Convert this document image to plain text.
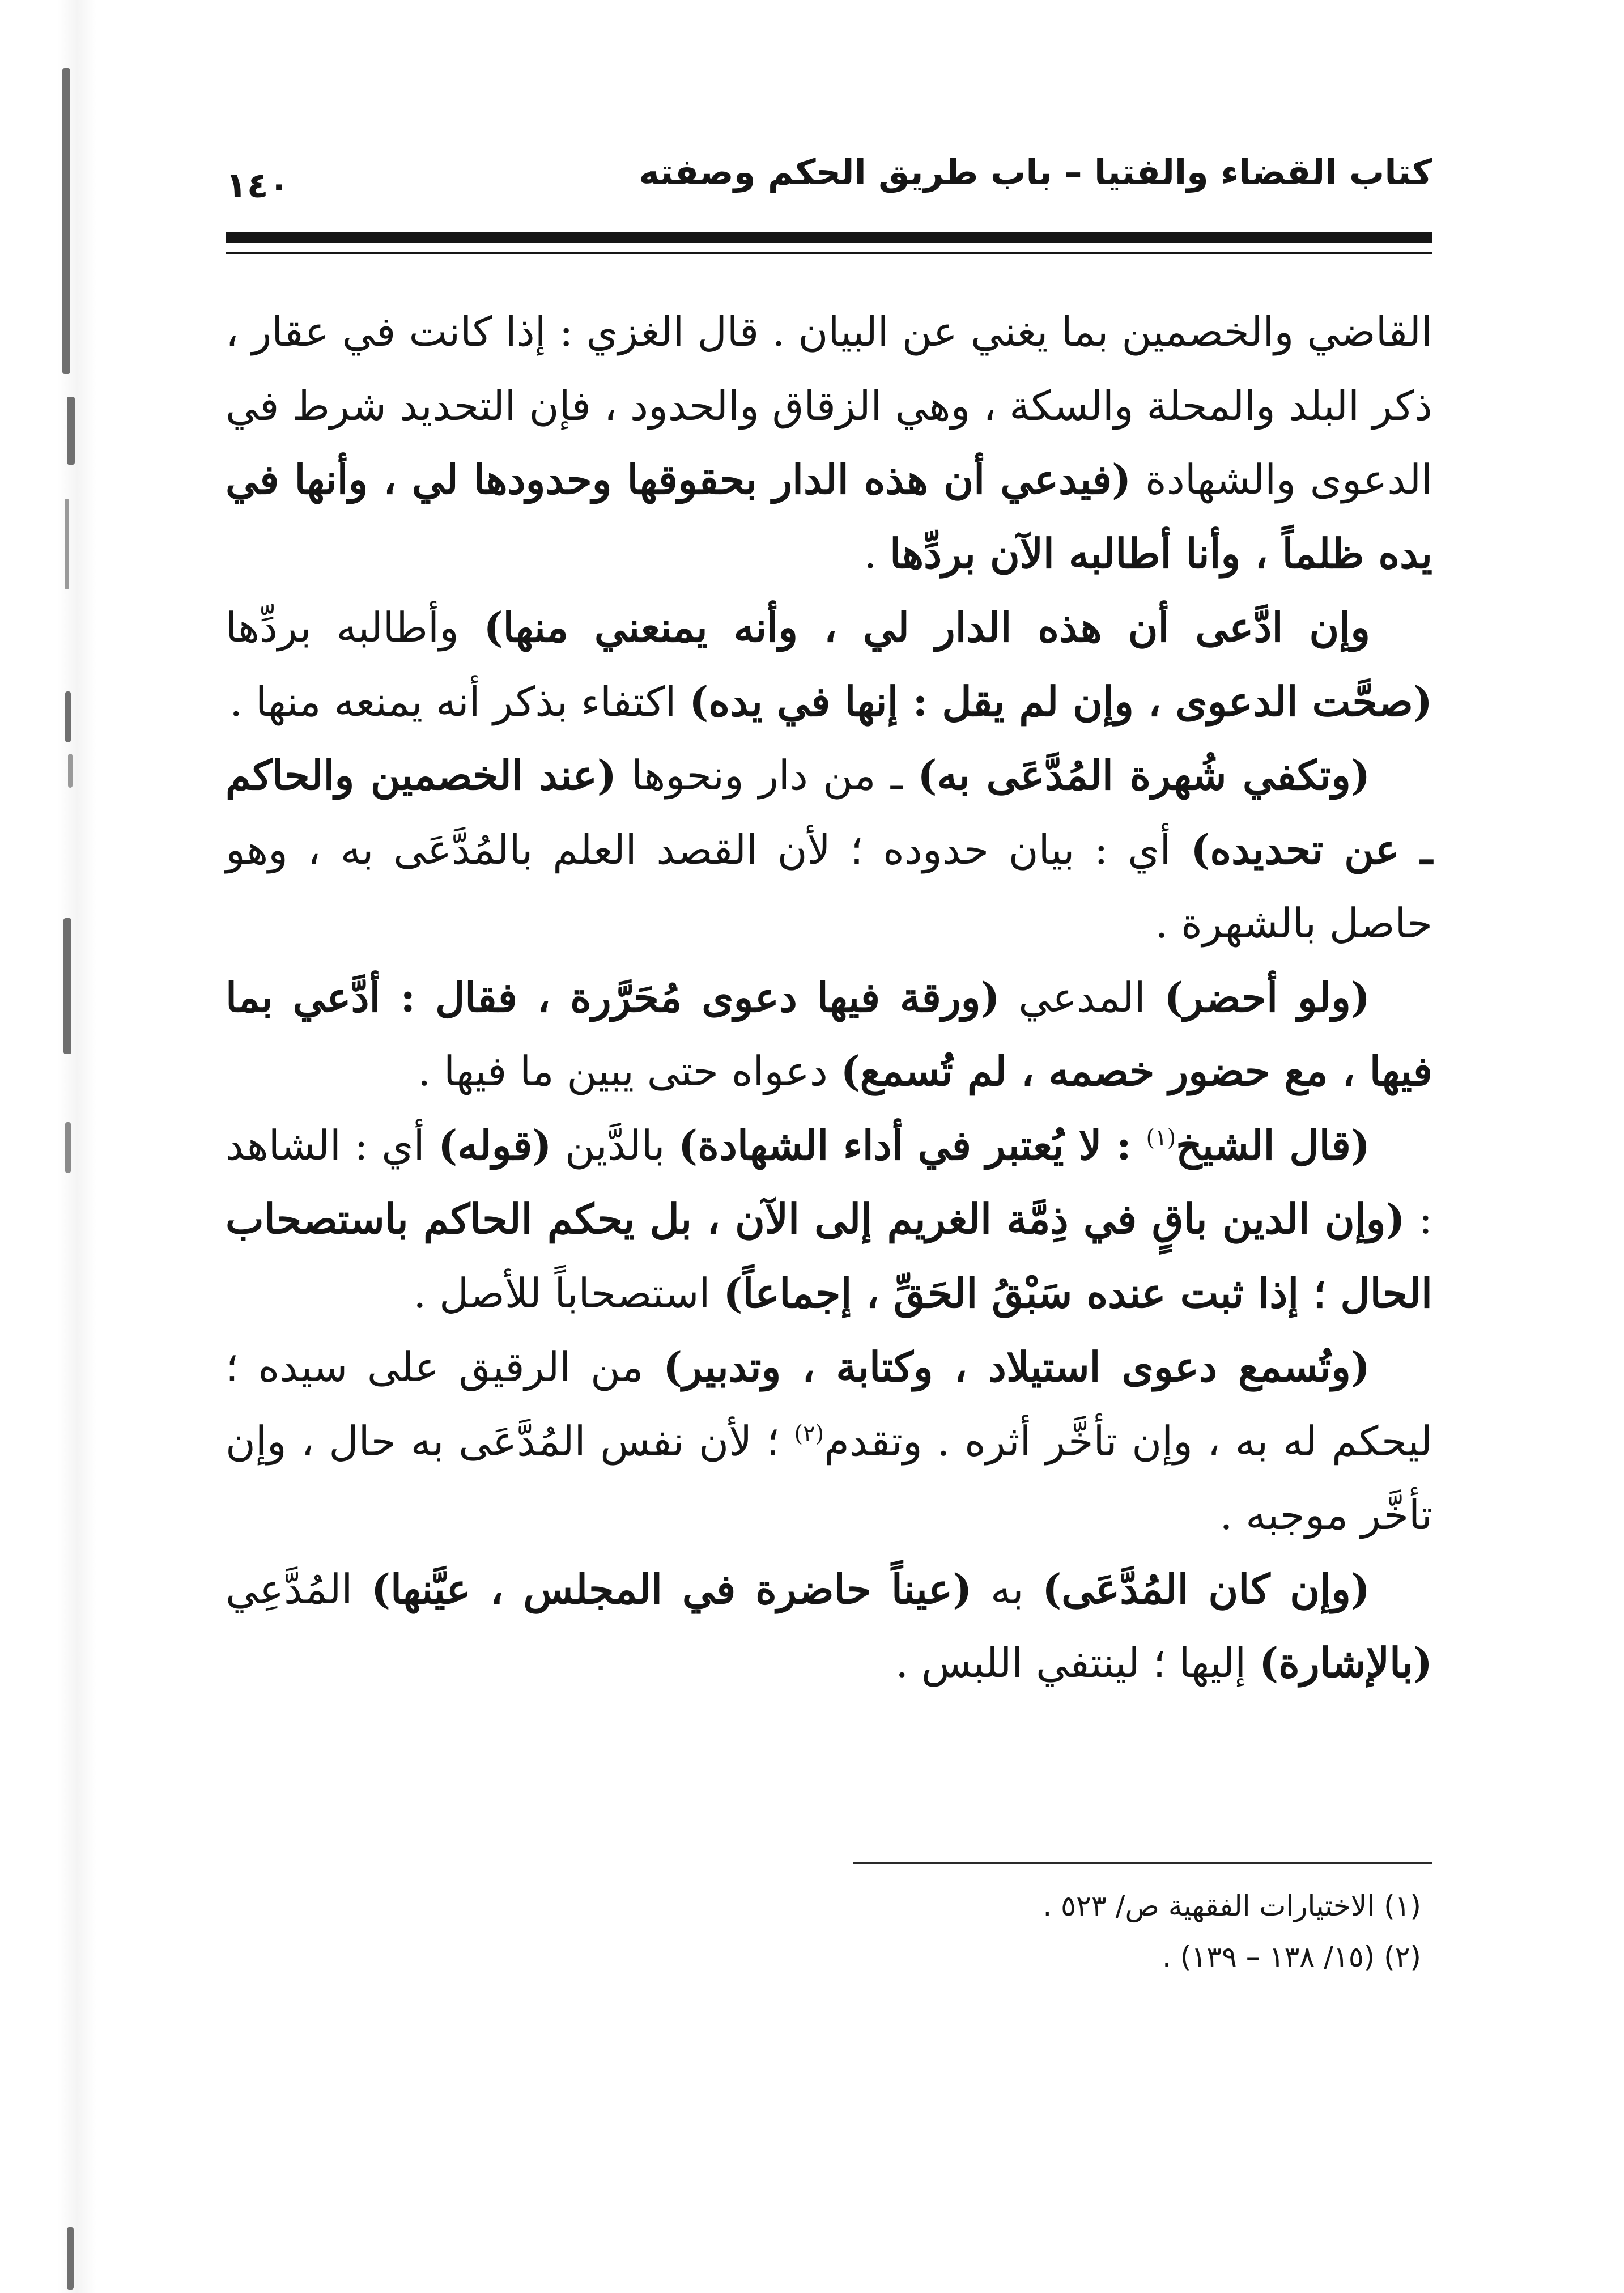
كتاب القضاء والفتيا – باب طريق الحكم وصفته
١٤٠

القاضي والخصمين بما يغني عن البيان . قال الغزي : إذا كانت في عقار ، ذكر البلد والمحلة والسكة ، وهي الزقاق والحدود ، فإن التحديد شرط في الدعوى والشهادة (فيدعي أن هذه الدار بحقوقها وحدودها لي ، وأنها في يده ظلماً ، وأنا أطالبه الآن بردِّها .

وإن ادَّعى أن هذه الدار لي ، وأنه يمنعني منها) وأطالبه بردِّها (صحَّت الدعوى ، وإن لم يقل : إنها في يده) اكتفاء بذكر أنه يمنعه منها .

(وتكفي شُهرة المُدَّعَى به) ـ من دار ونحوها (عند الخصمين والحاكم ـ عن تحديده) أي : بيان حدوده ؛ لأن القصد العلم بالمُدَّعَى به ، وهو حاصل بالشهرة .

(ولو أحضر) المدعي (ورقة فيها دعوى مُحَرَّرة ، فقال : أدَّعي بما فيها ، مع حضور خصمه ، لم تُسمع) دعواه حتى يبين ما فيها .

(قال الشيخ$^{(١)}$ : لا يُعتبر في أداء الشهادة) بالدَّين (قوله) أي : الشاهد : (وإن الدين باقٍ في ذِمَّة الغريم إلى الآن ، بل يحكم الحاكم باستصحاب الحال ؛ إذا ثبت عنده سَبْقُ الحَقِّ ، إجماعاً) استصحاباً للأصل .

(وتُسمع دعوى استيلاد ، وكتابة ، وتدبير) من الرقيق على سيده ؛ ليحكم له به ، وإن تأخَّر أثره . وتقدم$^{(٢)}$ ؛ لأن نفس المُدَّعَى به حال ، وإن تأخَّر موجبه .

(وإن كان المُدَّعَى) به (عيناً حاضرة في المجلس ، عيَّنها) المُدَّعِي (بالإشارة) إليها ؛ لينتفي اللبس .

(١) الاختيارات الفقهية ص/ ٥٢٣ .

(٢) (١٥/ ١٣٨ – ١٣٩) .
